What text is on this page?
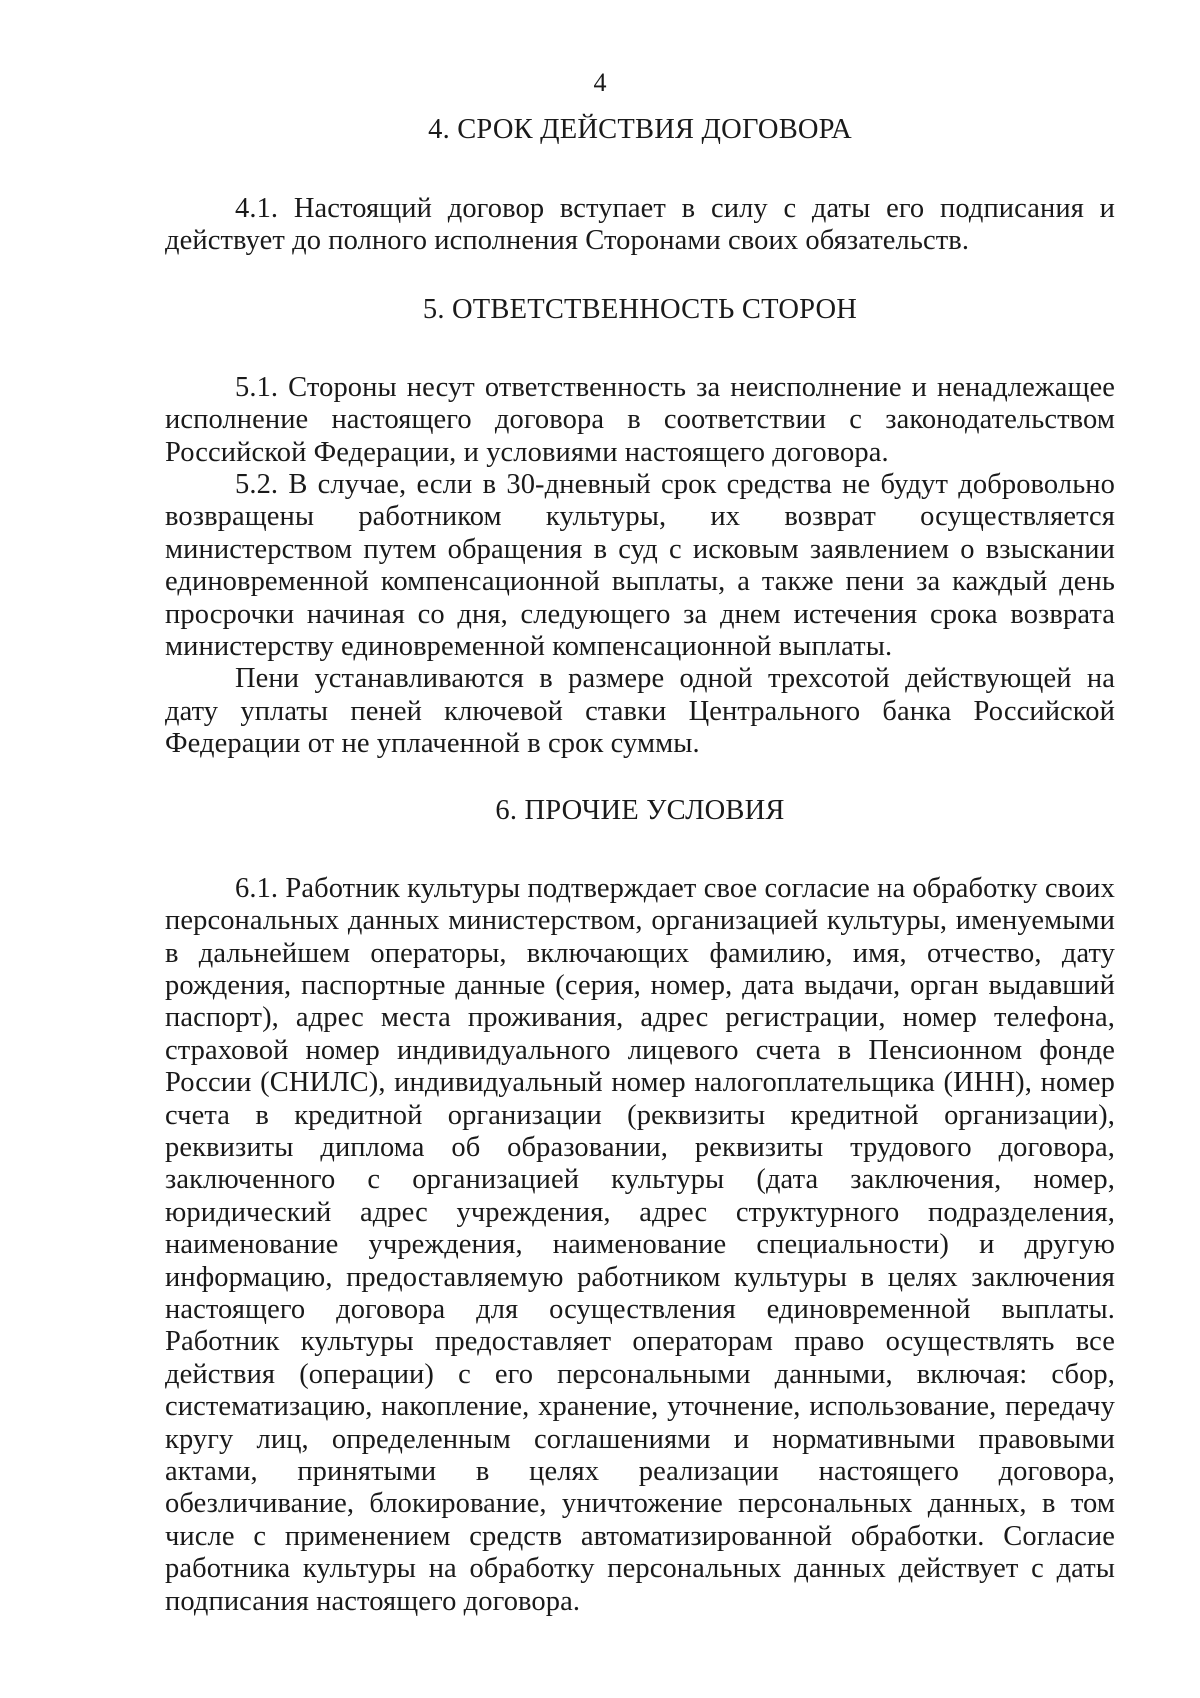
4
4. СРОК ДЕЙСТВИЯ ДОГОВОРА

4.1. Настоящий договор вступает в силу с даты его подписания и действует до полного исполнения Сторонами своих обязательств.

5. ОТВЕТСТВЕННОСТЬ СТОРОН

5.1. Стороны несут ответственность за неисполнение и ненадлежащее исполнение настоящего договора в соответствии с законодательством Российской Федерации, и условиями настоящего договора.

5.2. В случае, если в 30-дневный срок средства не будут добровольно возвращены работником культуры, их возврат осуществляется министерством путем обращения в суд с исковым заявлением о взыскании единовременной компенсационной выплаты, а также пени за каждый день просрочки начиная со дня, следующего за днем истечения срока возврата министерству единовременной компенсационной выплаты.

Пени устанавливаются в размере одной трехсотой действующей на дату уплаты пеней ключевой ставки Центрального банка Российской Федерации от не уплаченной в срок суммы.

6. ПРОЧИЕ УСЛОВИЯ

6.1. Работник культуры подтверждает свое согласие на обработку своих персональных данных министерством, организацией культуры, именуемыми в дальнейшем операторы, включающих фамилию, имя, отчество, дату рождения, паспортные данные (серия, номер, дата выдачи, орган выдавший паспорт), адрес места проживания, адрес регистрации, номер телефона, страховой номер индивидуального лицевого счета в Пенсионном фонде России (СНИЛС), индивидуальный номер налогоплательщика (ИНН), номер счета в кредитной организации (реквизиты кредитной организации), реквизиты диплома об образовании, реквизиты трудового договора, заключенного с организацией культуры (дата заключения, номер, юридический адрес учреждения, адрес структурного подразделения, наименование учреждения, наименование специальности) и другую информацию, предоставляемую работником культуры в целях заключения настоящего договора для осуществления единовременной выплаты. Работник культуры предоставляет операторам право осуществлять все действия (операции) с его персональными данными, включая: сбор, систематизацию, накопление, хранение, уточнение, использование, передачу кругу лиц, определенным соглашениями и нормативными правовыми актами, принятыми в целях реализации настоящего договора, обезличивание, блокирование, уничтожение персональных данных, в том числе с применением средств автоматизированной обработки. Согласие работника культуры на обработку персональных данных действует с даты подписания настоящего договора.
